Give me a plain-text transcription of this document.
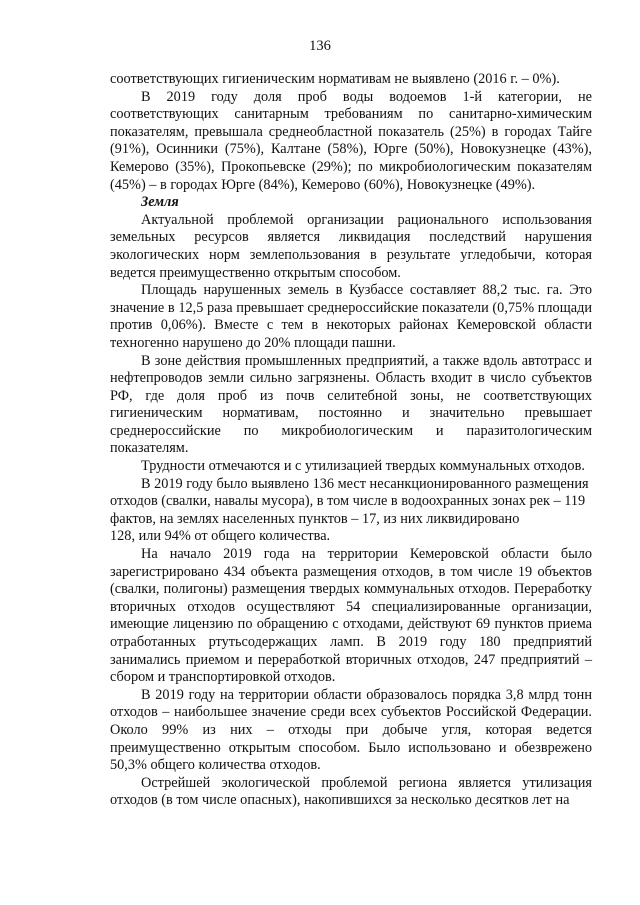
136

соответствующих гигиеническим нормативам не выявлено (2016 г. – 0%).

В 2019 году доля проб воды водоемов 1-й категории, не соответствующих санитарным требованиям по санитарно-химическим показателям, превышала среднеобластной показатель (25%) в городах Тайге (91%), Осинники (75%), Калтане (58%), Юрге (50%), Новокузнецке (43%), Кемерово (35%), Прокопьевске (29%); по микробиологическим показателям (45%) – в городах Юрге (84%), Кемерово (60%), Новокузнецке (49%).

Земля

Актуальной проблемой организации рационального использования земельных ресурсов является ликвидация последствий нарушения экологических норм землепользования в результате угледобычи, которая ведется преимущественно открытым способом.

Площадь нарушенных земель в Кузбассе составляет 88,2 тыс. га. Это значение в 12,5 раза превышает среднероссийские показатели (0,75% площади против 0,06%). Вместе с тем в некоторых районах Кемеровской области техногенно нарушено до 20% площади пашни.

В зоне действия промышленных предприятий, а также вдоль автотрасс и нефтепроводов земли сильно загрязнены. Область входит в число субъектов РФ, где доля проб из почв селитебной зоны, не соответствующих гигиеническим нормативам, постоянно и значительно превышает среднероссийские по микробиологическим и паразитологическим показателям.

Трудности отмечаются и с утилизацией твердых коммунальных отходов.

В 2019 году было выявлено 136 мест несанкционированного размещения отходов (свалки, навалы мусора), в том числе в водоохранных зонах рек – 119 фактов, на землях населенных пунктов – 17, из них ликвидировано

128, или 94% от общего количества.

На начало 2019 года на территории Кемеровской области было зарегистрировано 434 объекта размещения отходов, в том числе 19 объектов (свалки, полигоны) размещения твердых коммунальных отходов. Переработку вторичных отходов осуществляют 54 специализированные организации, имеющие лицензию по обращению с отходами, действуют 69 пунктов приема отработанных ртутьсодержащих ламп. В 2019 году 180 предприятий занимались приемом и переработкой вторичных отходов, 247 предприятий – сбором и транспортировкой отходов.

В 2019 году на территории области образовалось порядка 3,8 млрд тонн отходов – наибольшее значение среди всех субъектов Российской Федерации. Около 99% из них – отходы при добыче угля, которая ведется преимущественно открытым способом. Было использовано и обезврежено 50,3% общего количества отходов.

Острейшей экологической проблемой региона является утилизация отходов (в том числе опасных), накопившихся за несколько десятков лет на
